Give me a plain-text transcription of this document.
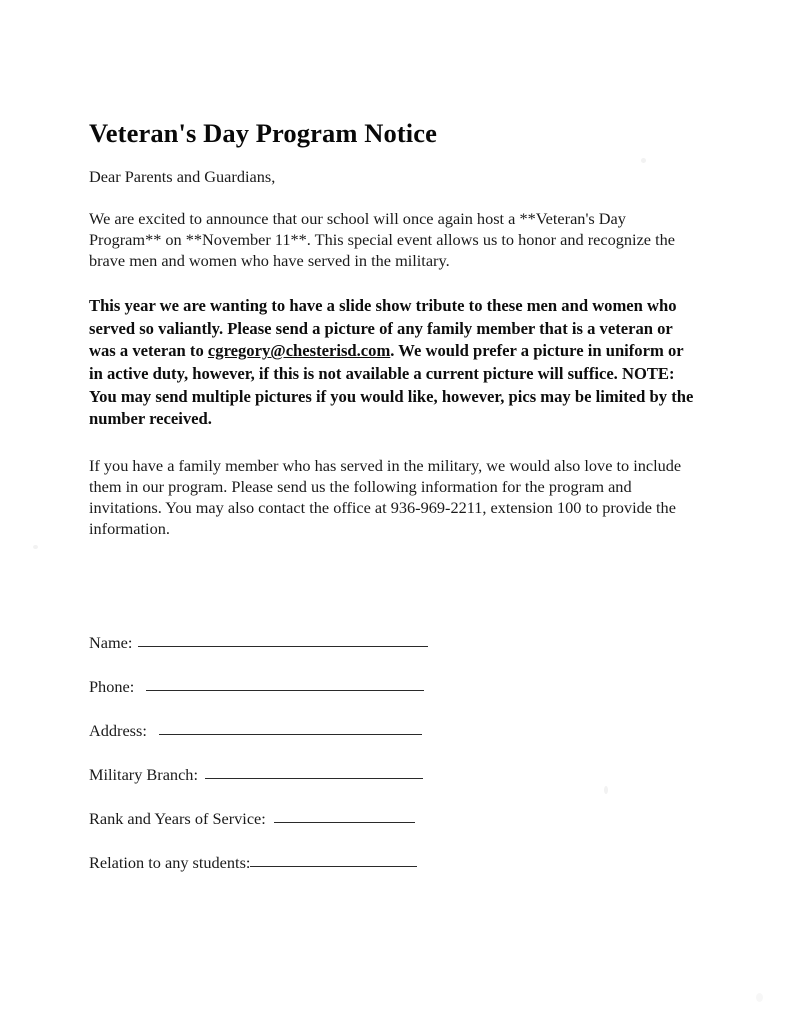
Veteran's Day Program Notice
Dear Parents and Guardians,

We are excited to announce that our school will once again host a **Veteran's Day Program** on **November 11**. This special event allows us to honor and recognize the brave men and women who have served in the military.

This year we are wanting to have a slide show tribute to these men and women who served so valiantly. Please send a picture of any family member that is a veteran or was a veteran to cgregory@chesterisd.com. We would prefer a picture in uniform or in active duty, however, if this is not available a current picture will suffice. NOTE: You may send multiple pictures if you would like, however, pics may be limited by the number received.

If you have a family member who has served in the military, we would also love to include them in our program. Please send us the following information for the program and invitations. You may also contact the office at 936-969-2211, extension 100 to provide the information.

Name:
Phone:
Address:
Military Branch:
Rank and Years of Service:
Relation to any students:
